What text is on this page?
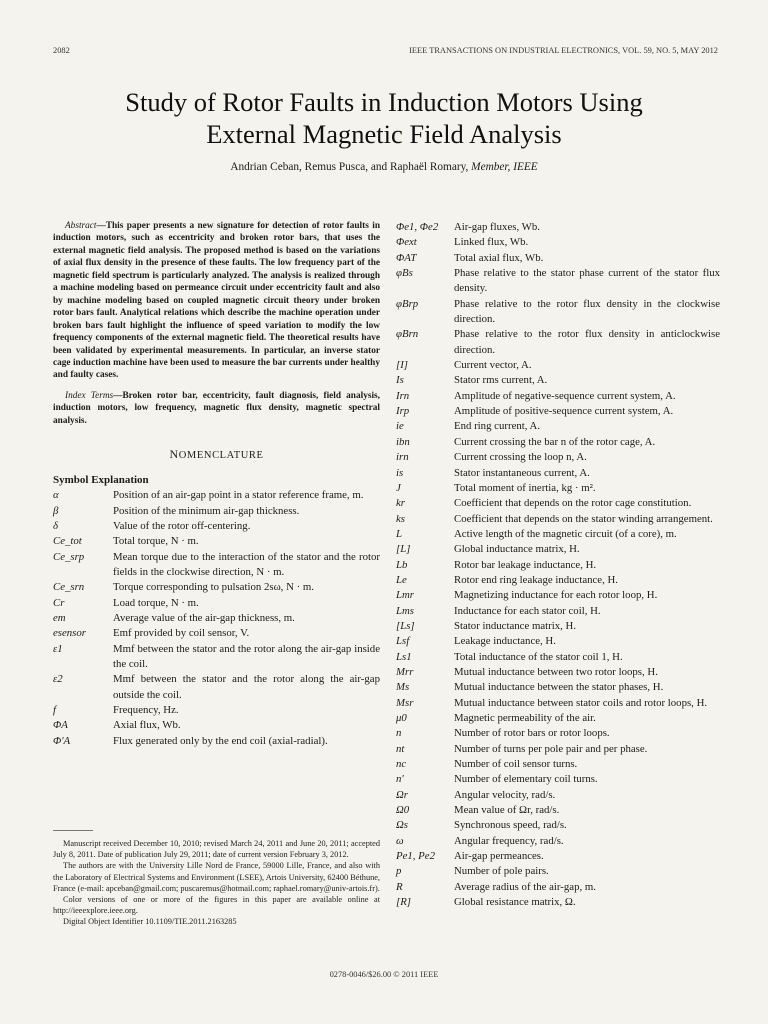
2082	IEEE TRANSACTIONS ON INDUSTRIAL ELECTRONICS, VOL. 59, NO. 5, MAY 2012
Study of Rotor Faults in Induction Motors Using
External Magnetic Field Analysis
Andrian Ceban, Remus Pusca, and Raphaël Romary, Member, IEEE

Abstract—This paper presents a new signature for detection of rotor faults in induction motors, such as eccentricity and broken rotor bars, that uses the external magnetic field analysis. The proposed method is based on the variations of axial flux density in the presence of these faults. The low frequency part of the magnetic field spectrum is particularly analyzed. The analysis is realized through a machine modeling based on permeance circuit under eccentricity fault and also by machine modeling based on coupled magnetic circuit theory under broken rotor bars fault. Analytical relations which describe the machine operation under broken bars fault highlight the influence of speed variation to modify the low frequency components of the external magnetic field. The theoretical results have been validated by experimental measurements. In particular, an inverse stator cage induction machine have been used to measure the bar currents under healthy and faulty cases.

Index Terms—Broken rotor bar, eccentricity, fault diagnosis, field analysis, induction motors, low frequency, magnetic flux density, magnetic spectral analysis.

NOMENCLATURE
Symbol Explanation
α	Position of an air-gap point in a stator reference frame, m.
β	Position of the minimum air-gap thickness.
δ	Value of the rotor off-centering.
Ce_tot	Total torque, N · m.
Ce_srp	Mean torque due to the interaction of the stator and the rotor fields in the clockwise direction, N · m.
Ce_srn	Torque corresponding to pulsation 2sω, N · m.
Cr	Load torque, N · m.
em	Average value of the air-gap thickness, m.
esensor	Emf provided by coil sensor, V.
ε1	Mmf between the stator and the rotor along the air-gap inside the coil.
ε2	Mmf between the stator and the rotor along the air-gap outside the coil.
f	Frequency, Hz.
ΦA	Axial flux, Wb.
Φ'A	Flux generated only by the end coil (axial-radial).

Manuscript received December 10, 2010; revised March 24, 2011 and June 20, 2011; accepted July 8, 2011. Date of publication July 29, 2011; date of current version February 3, 2012.

The authors are with the University Lille Nord de France, 59000 Lille, France, and also with the Laboratory of Electrical Systems and Environment (LSEE), Artois University, 62400 Béthune, France (e-mail: apceban@gmail.com; puscaremus@hotmail.com; raphael.romary@univ-artois.fr).

Color versions of one or more of the figures in this paper are available online at http://ieeexplore.ieee.org.

Digital Object Identifier 10.1109/TIE.2011.2163285

Φe1, Φe2	Air-gap fluxes, Wb.
Φext	Linked flux, Wb.
ΦAT	Total axial flux, Wb.
φBs	Phase relative to the stator phase current of the stator flux density.
φBrp	Phase relative to the rotor flux density in the clockwise direction.
φBrn	Phase relative to the rotor flux density in anticlockwise direction.
[I]	Current vector, A.
Is	Stator rms current, A.
Irn	Amplitude of negative-sequence current system, A.
Irp	Amplitude of positive-sequence current system, A.
ie	End ring current, A.
ibn	Current crossing the bar n of the rotor cage, A.
irn	Current crossing the loop n, A.
is	Stator instantaneous current, A.
J	Total moment of inertia, kg · m².
kr	Coefficient that depends on the rotor cage constitution.
ks	Coefficient that depends on the stator winding arrangement.
L	Active length of the magnetic circuit (of a core), m.
[L]	Global inductance matrix, H.
Lb	Rotor bar leakage inductance, H.
Le	Rotor end ring leakage inductance, H.
Lmr	Magnetizing inductance for each rotor loop, H.
Lms	Inductance for each stator coil, H.
[Ls]	Stator inductance matrix, H.
Lsf	Leakage inductance, H.
Ls1	Total inductance of the stator coil 1, H.
Mrr	Mutual inductance between two rotor loops, H.
Ms	Mutual inductance between the stator phases, H.
Msr	Mutual inductance between stator coils and rotor loops, H.
μ0	Magnetic permeability of the air.
n	Number of rotor bars or rotor loops.
nt	Number of turns per pole pair and per phase.
nc	Number of coil sensor turns.
n'	Number of elementary coil turns.
Ωr	Angular velocity, rad/s.
Ω0	Mean value of Ωr, rad/s.
Ωs	Synchronous speed, rad/s.
ω	Angular frequency, rad/s.
Pe1, Pe2	Air-gap permeances.
p	Number of pole pairs.
R	Average radius of the air-gap, m.
[R]	Global resistance matrix, Ω.
0278-0046/$26.00 © 2011 IEEE
